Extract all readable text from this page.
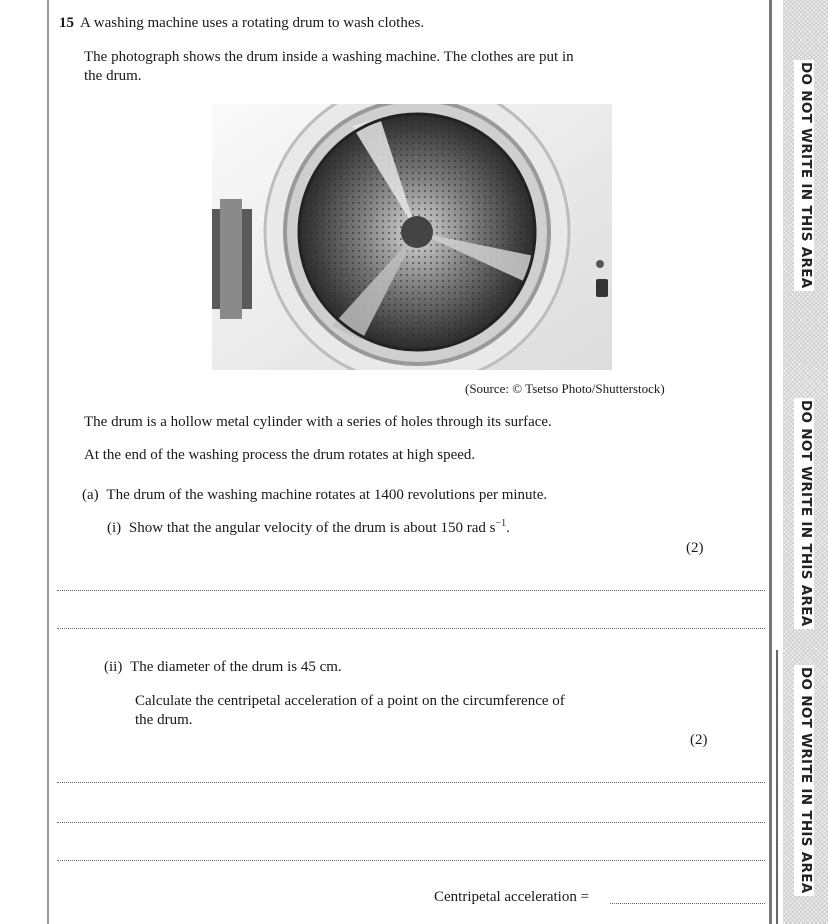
DO NOT WRITE IN THIS AREA
DO NOT WRITE IN THIS AREA
DO NOT WRITE IN THIS AREA
15 A washing machine uses a rotating drum to wash clothes.
The photograph shows the drum inside a washing machine. The clothes are put in
the drum.
(Source: © Tsetso Photo/Shutterstock)
The drum is a hollow metal cylinder with a series of holes through its surface.
At the end of the washing process the drum rotates at high speed.
(a) The drum of the washing machine rotates at 1400 revolutions per minute.
(i) Show that the angular velocity of the drum is about 150 rad $s^{-1}$.
(2)
(ii) The diameter of the drum is 45 cm.
Calculate the centripetal acceleration of a point on the circumference of
the drum.
(2)
Centripetal acceleration =
